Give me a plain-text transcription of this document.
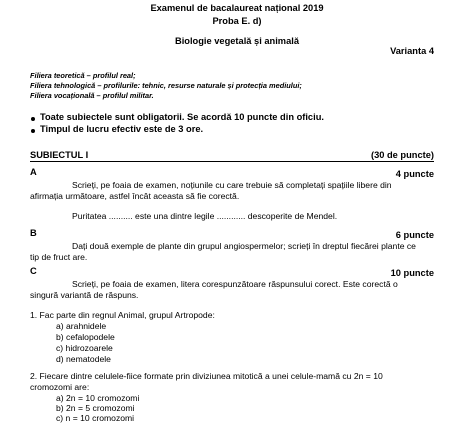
Examenul de bacalaureat național 2019
Proba E. d)
Biologie vegetală și animală
Varianta 4
Filiera teoretică – profilul real;
Filiera tehnologică – profilurile: tehnic, resurse naturale și protecția mediului;
Filiera vocațională – profilul militar.
Toate subiectele sunt obligatorii. Se acordă 10 puncte din oficiu.
Timpul de lucru efectiv este de 3 ore.
SUBIECTUL I	(30 de puncte)
A	4 puncte
Scrieți, pe foaia de examen, noțiunile cu care trebuie să completați spațiile libere din
afirmația următoare, astfel încât aceasta să fie corectă.
Puritatea .......... este una dintre legile ............ descoperite de Mendel.
B	6 puncte
Dați două exemple de plante din grupul angiospermelor; scrieți în dreptul fiecărei plante ce
tip de fruct are.
C	10 puncte
Scrieți, pe foaia de examen, litera corespunzătoare răspunsului corect. Este corectă o
singură variantă de răspuns.
1. Fac parte din regnul Animal, grupul Artropode:
a) arahnidele
b) cefalopodele
c) hidrozoarele
d) nematodele
2. Fiecare dintre celulele-fiice formate prin diviziunea mitotică a unei celule-mamă cu 2n = 10
cromozomi are:
a) 2n = 10 cromozomi
b) 2n = 5 cromozomi
c) n = 10 cromozomi
